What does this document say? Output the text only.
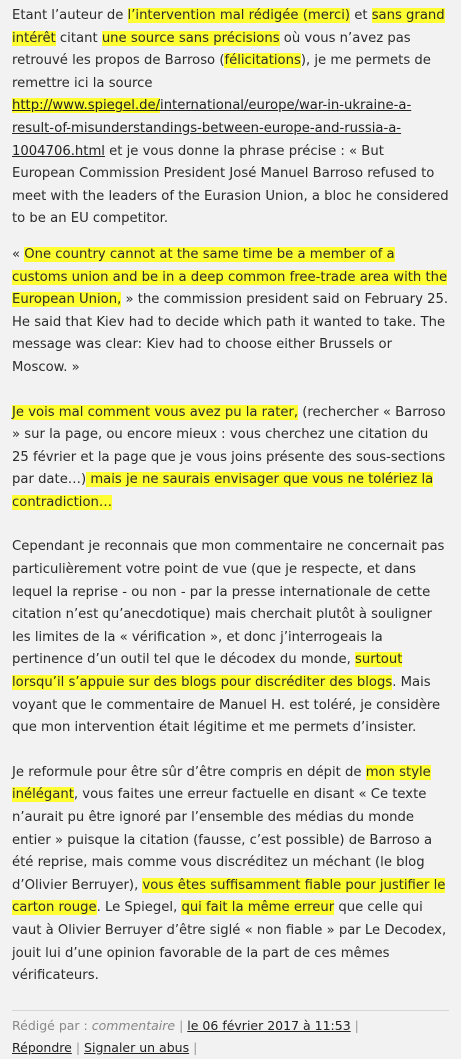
Etant l’auteur de l’intervention mal rédigée (merci) et sans grand intérêt citant une source sans précisions où vous n’avez pas retrouvé les propos de Barroso (félicitations), je me permets de remettre ici la source http://www.spiegel.de/international/europe/war-in-ukraine-a-result-of-misunderstandings-between-europe-and-russia-a-1004706.html et je vous donne la phrase précise : « But European Commission President José Manuel Barroso refused to meet with the leaders of the Eurasion Union, a bloc he considered to be an EU competitor.

« One country cannot at the same time be a member of a customs union and be in a deep common free-trade area with the European Union, » the commission president said on February 25. He said that Kiev had to decide which path it wanted to take. The message was clear: Kiev had to choose either Brussels or Moscow. »

Je vois mal comment vous avez pu la rater, (rechercher « Barroso » sur la page, ou encore mieux : vous cherchez une citation du 25 février et la page que je vous joins présente des sous-sections par date…) mais je ne saurais envisager que vous ne tolériez la contradiction…

Cependant je reconnais que mon commentaire ne concernait pas particulièrement votre point de vue (que je respecte, et dans lequel la reprise - ou non - par la presse internationale de cette citation n’est qu’anecdotique) mais cherchait plutôt à souligner les limites de la « vérification », et donc j’interrogeais la pertinence d’un outil tel que le décodex du monde, surtout lorsqu’il s’appuie sur des blogs pour discréditer des blogs. Mais voyant que le commentaire de Manuel H. est toléré, je considère que mon intervention était légitime et me permets d’insister.

Je reformule pour être sûr d’être compris en dépit de mon style inélégant, vous faites une erreur factuelle en disant « Ce texte n’aurait pu être ignoré par l’ensemble des médias du monde entier » puisque la citation (fausse, c’est possible) de Barroso a été reprise, mais comme vous discréditez un méchant (le blog d’Olivier Berruyer), vous êtes suffisamment fiable pour justifier le carton rouge. Le Spiegel, qui fait la même erreur que celle qui vaut à Olivier Berruyer d’être siglé « non fiable » par Le Decodex, jouit lui d’une opinion favorable de la part de ces mêmes vérificateurs.

Rédigé par : commentaire | le 06 février 2017 à 11:53 |
Répondre | Signaler un abus |
